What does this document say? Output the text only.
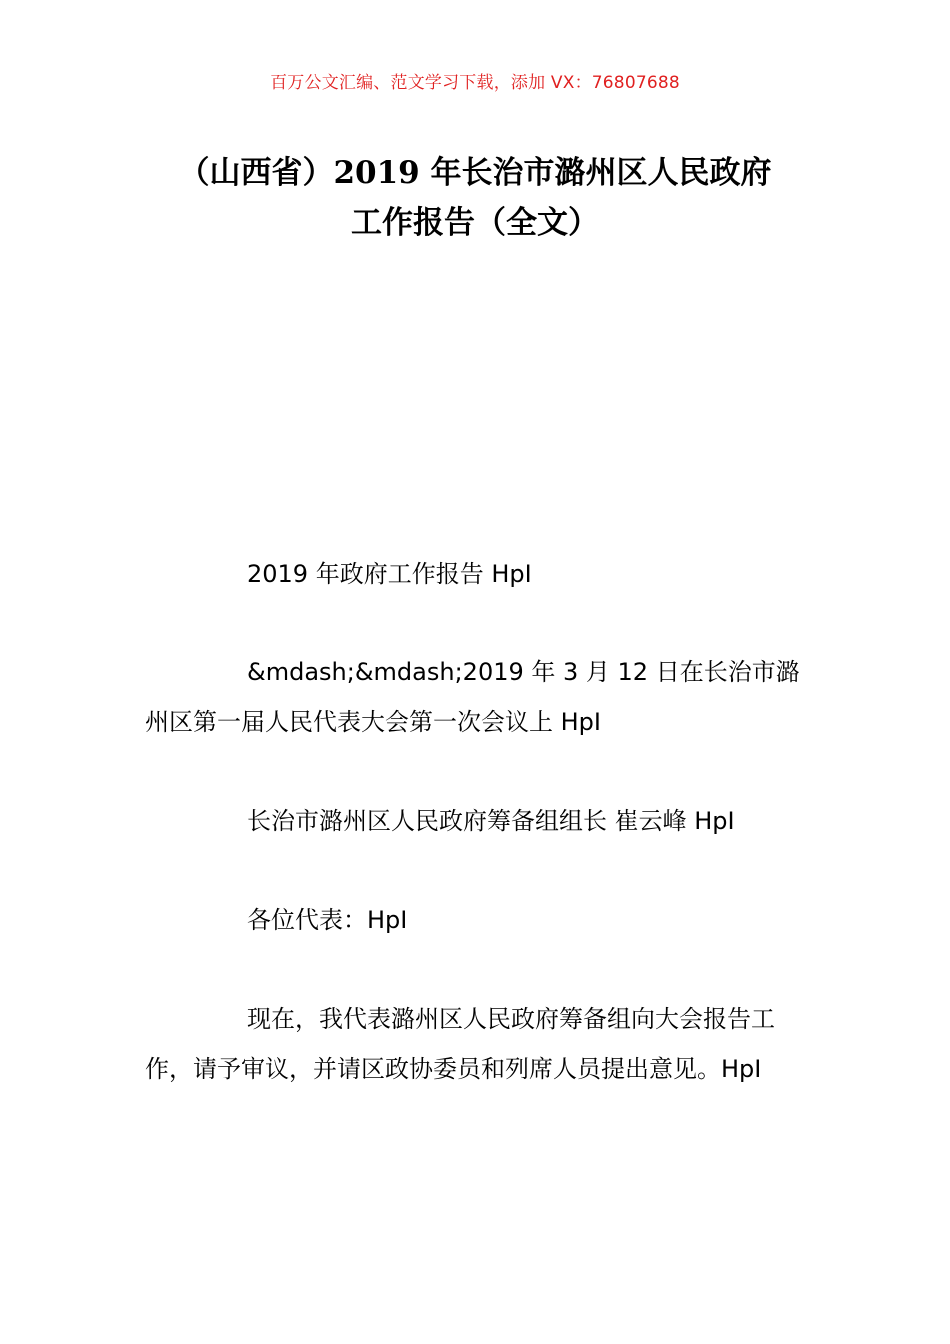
百万公文汇编、范文学习下载，添加 VX：76807688
（山西省）2019 年长治市潞州区人民政府
工作报告（全文）

2019 年政府工作报告 HpI

&mdash;&mdash;2019 年 3 月 12 日在长治市潞州区第一届人民代表大会第一次会议上 HpI

长治市潞州区人民政府筹备组组长 崔云峰 HpI

各位代表：HpI

现在，我代表潞州区人民政府筹备组向大会报告工作，请予审议，并请区政协委员和列席人员提出意见。HpI
